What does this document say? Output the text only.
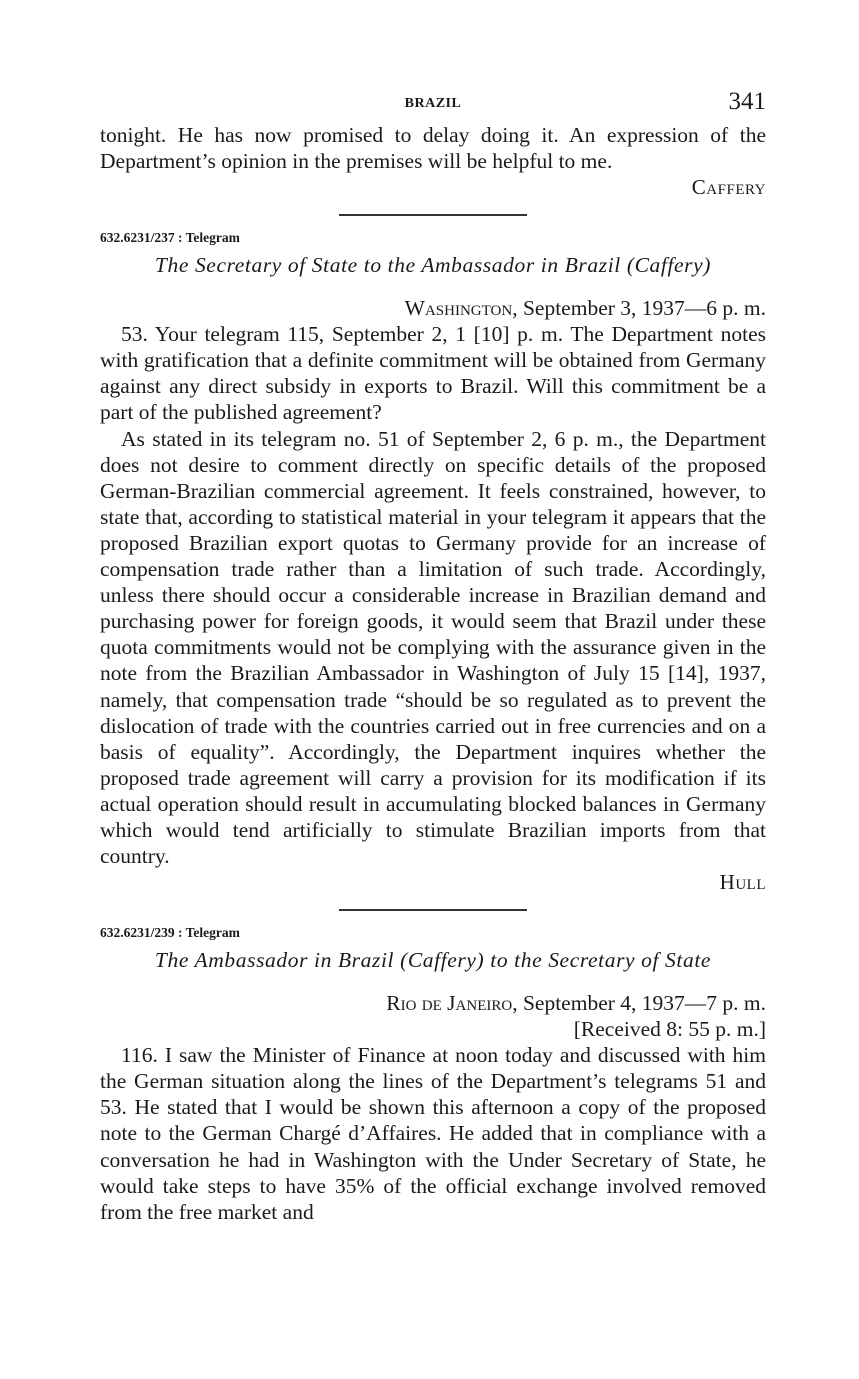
BRAZIL	341

tonight. He has now promised to delay doing it. An expression of the Department’s opinion in the premises will be helpful to me.

Caffery
632.6231/237 : Telegram
The Secretary of State to the Ambassador in Brazil (Caffery)
Washington, September 3, 1937—6 p. m.

53. Your telegram 115, September 2, 1 [10] p. m. The Department notes with gratification that a definite commitment will be obtained from Germany against any direct subsidy in exports to Brazil. Will this commitment be a part of the published agreement?

As stated in its telegram no. 51 of September 2, 6 p. m., the Department does not desire to comment directly on specific details of the proposed German-Brazilian commercial agreement. It feels constrained, however, to state that, according to statistical material in your telegram it appears that the proposed Brazilian export quotas to Germany provide for an increase of compensation trade rather than a limitation of such trade. Accordingly, unless there should occur a considerable increase in Brazilian demand and purchasing power for foreign goods, it would seem that Brazil under these quota commitments would not be complying with the assurance given in the note from the Brazilian Ambassador in Washington of July 15 [14], 1937, namely, that compensation trade “should be so regulated as to prevent the dislocation of trade with the countries carried out in free currencies and on a basis of equality”. Accordingly, the Department inquires whether the proposed trade agreement will carry a provision for its modification if its actual operation should result in accumulating blocked balances in Germany which would tend artificially to stimulate Brazilian imports from that country.

Hull
632.6231/239 : Telegram
The Ambassador in Brazil (Caffery) to the Secretary of State
Rio de Janeiro, September 4, 1937—7 p. m.
[Received 8: 55 p. m.]

116. I saw the Minister of Finance at noon today and discussed with him the German situation along the lines of the Department’s telegrams 51 and 53. He stated that I would be shown this afternoon a copy of the proposed note to the German Chargé d’Affaires. He added that in compliance with a conversation he had in Washington with the Under Secretary of State, he would take steps to have 35% of the official exchange involved removed from the free market and
